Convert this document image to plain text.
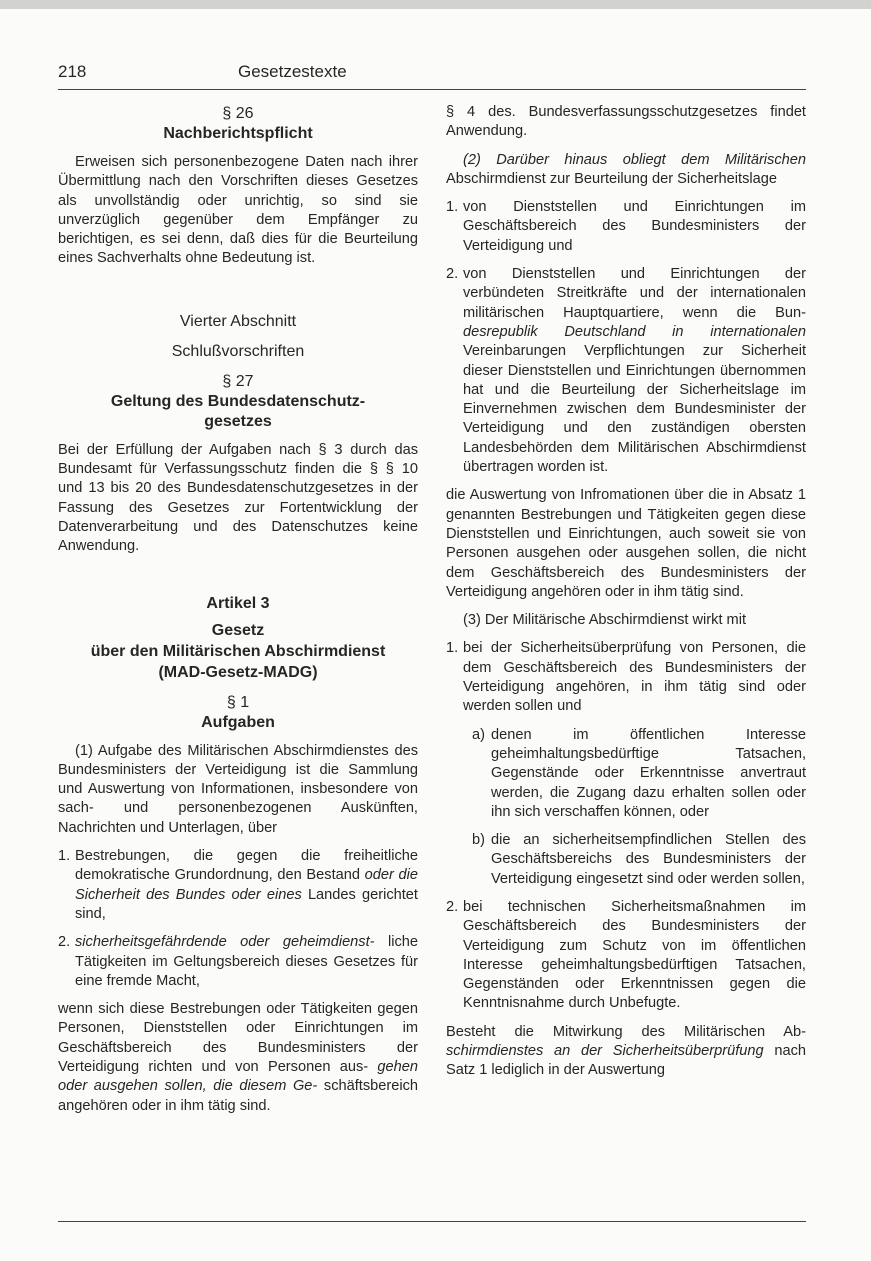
218	Gesetzestexte
§ 26
Nachberichtspflicht

Erweisen sich personenbezogene Daten nach ihrer Übermittlung nach den Vorschriften dieses Gesetzes als unvollständig oder unrichtig, so sind sie unverzüglich gegenüber dem Empfänger zu berichtigen, es sei denn, daß dies für die Beurteilung eines Sachverhalts ohne Bedeutung ist.

Vierter Abschnitt
Schlußvorschriften
§ 27
Geltung des Bundesdatenschutz-
gesetzes

Bei der Erfüllung der Aufgaben nach § 3 durch das Bundesamt für Verfassungsschutz finden die § § 10 und 13 bis 20 des Bundesdatenschutzgesetzes in der Fassung des Gesetzes zur Fortentwicklung der Datenverarbeitung und des Datenschutzes keine Anwendung.

Artikel 3
Gesetz
über den Militärischen Abschirmdienst
(MAD-Gesetz-MADG)
§ 1
Aufgaben

(1) Aufgabe des Militärischen Abschirmdienstes des Bundesministers der Verteidigung ist die Sammlung und Auswertung von Informationen, insbesondere von sach- und personenbezogenen Auskünften, Nachrichten und Unterlagen, über

1. Bestrebungen, die gegen die freiheitliche demokratische Grundordnung, den Bestand oder die Sicherheit des Bundes oder eines Landes gerichtet sind,
2. sicherheitsgefährdende oder geheimdienst- liche Tätigkeiten im Geltungsbereich dieses Gesetzes für eine fremde Macht,

wenn sich diese Bestrebungen oder Tätigkeiten gegen Personen, Dienststellen oder Einrichtungen im Geschäftsbereich des Bundesministers der Verteidigung richten und von Personen aus- gehen oder ausgehen sollen, die diesem Ge- schäftsbereich angehören oder in ihm tätig sind.

§ 4 des. Bundesverfassungsschutzgesetzes findet Anwendung.

(2) Darüber hinaus obliegt dem Militärischen Abschirmdienst zur Beurteilung der Sicherheitslage

1. von Dienststellen und Einrichtungen im Geschäftsbereich des Bundesministers der Verteidigung und
2. von Dienststellen und Einrichtungen der verbündeten Streitkräfte und der internationalen militärischen Hauptquartiere, wenn die Bun- desrepublik Deutschland in internationalen Vereinbarungen Verpflichtungen zur Sicherheit dieser Dienststellen und Einrichtungen übernommen hat und die Beurteilung der Sicherheitslage im Einvernehmen zwischen dem Bundesminister der Verteidigung und den zuständigen obersten Landesbehörden dem Militärischen Abschirmdienst übertragen worden ist.

die Auswertung von Infromationen über die in Absatz 1 genannten Bestrebungen und Tätigkeiten gegen diese Dienststellen und Einrichtungen, auch soweit sie von Personen ausgehen oder ausgehen sollen, die nicht dem Geschäftsbereich des Bundesministers der Verteidigung angehören oder in ihm tätig sind.

(3) Der Militärische Abschirmdienst wirkt mit

1. bei der Sicherheitsüberprüfung von Personen, die dem Geschäftsbereich des Bundesministers der Verteidigung angehören, in ihm tätig sind oder werden sollen und
a) denen im öffentlichen Interesse geheimhaltungsbedürftige Tatsachen, Gegenstände oder Erkenntnisse anvertraut werden, die Zugang dazu erhalten sollen oder ihn sich verschaffen können, oder
b) die an sicherheitsempfindlichen Stellen des Geschäftsbereichs des Bundesministers der Verteidigung eingesetzt sind oder werden sollen,
2. bei technischen Sicherheitsmaßnahmen im Geschäftsbereich des Bundesministers der Verteidigung zum Schutz von im öffentlichen Interesse geheimhaltungsbedürftigen Tatsachen, Gegenständen oder Erkenntnissen gegen die Kenntnisnahme durch Unbefugte.

Besteht die Mitwirkung des Militärischen Ab- schirmdienstes an der Sicherheitsüberprüfung nach Satz 1 lediglich in der Auswertung
